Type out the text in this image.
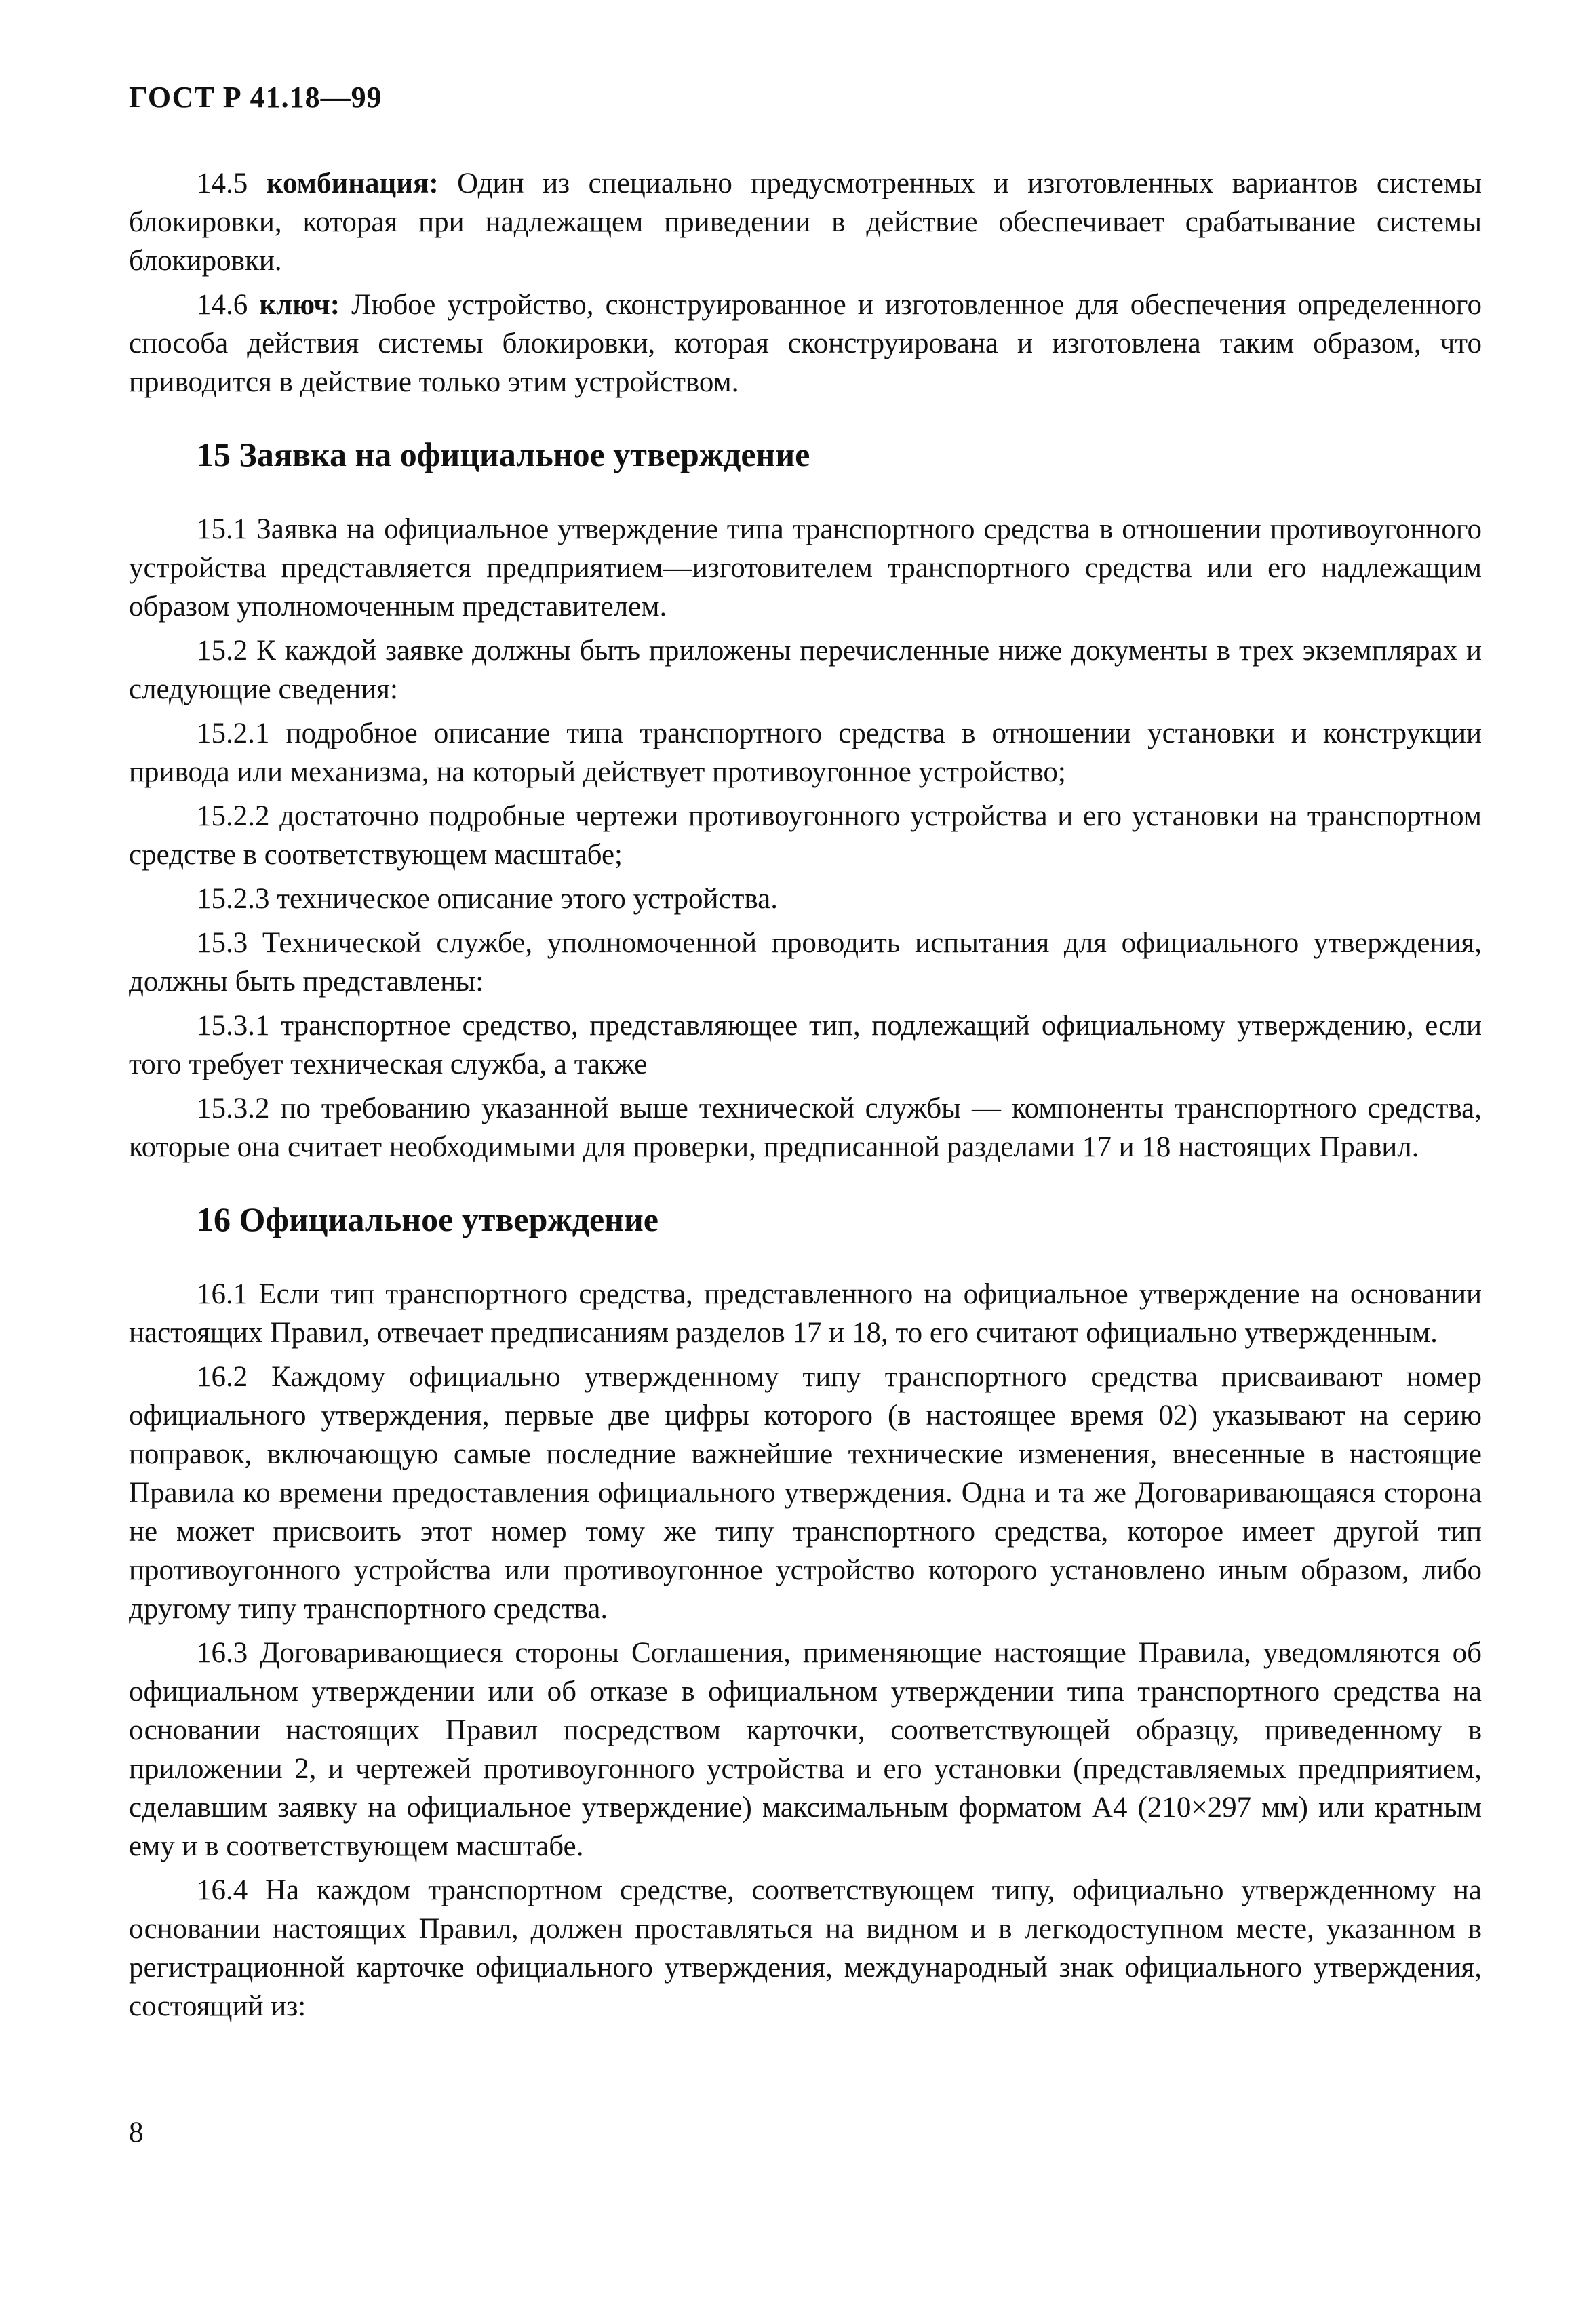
ГОСТ Р 41.18—99

14.5 комбинация: Один из специально предусмотренных и изготовленных вариантов системы блокировки, которая при надлежащем приведении в действие обеспечивает срабатывание системы блокировки.

14.6 ключ: Любое устройство, сконструированное и изготовленное для обеспечения определенного способа действия системы блокировки, которая сконструирована и изготовлена таким образом, что приводится в действие только этим устройством.

15 Заявка на официальное утверждение

15.1 Заявка на официальное утверждение типа транспортного средства в отношении противоугонного устройства представляется предприятием—изготовителем транспортного средства или его надлежащим образом уполномоченным представителем.

15.2 К каждой заявке должны быть приложены перечисленные ниже документы в трех экземплярах и следующие сведения:

15.2.1 подробное описание типа транспортного средства в отношении установки и конструкции привода или механизма, на который действует противоугонное устройство;

15.2.2 достаточно подробные чертежи противоугонного устройства и его установки на транспортном средстве в соответствующем масштабе;

15.2.3 техническое описание этого устройства.

15.3 Технической службе, уполномоченной проводить испытания для официального утверждения, должны быть представлены:

15.3.1 транспортное средство, представляющее тип, подлежащий официальному утверждению, если того требует техническая служба, а также

15.3.2 по требованию указанной выше технической службы — компоненты транспортного средства, которые она считает необходимыми для проверки, предписанной разделами 17 и 18 настоящих Правил.

16 Официальное утверждение

16.1 Если тип транспортного средства, представленного на официальное утверждение на основании настоящих Правил, отвечает предписаниям разделов 17 и 18, то его считают официально утвержденным.

16.2 Каждому официально утвержденному типу транспортного средства присваивают номер официального утверждения, первые две цифры которого (в настоящее время 02) указывают на серию поправок, включающую самые последние важнейшие технические изменения, внесенные в настоящие Правила ко времени предоставления официального утверждения. Одна и та же Договаривающаяся сторона не может присвоить этот номер тому же типу транспортного средства, которое имеет другой тип противоугонного устройства или противоугонное устройство которого установлено иным образом, либо другому типу транспортного средства.

16.3 Договаривающиеся стороны Соглашения, применяющие настоящие Правила, уведомляются об официальном утверждении или об отказе в официальном утверждении типа транспортного средства на основании настоящих Правил посредством карточки, соответствующей образцу, приведенному в приложении 2, и чертежей противоугонного устройства и его установки (представляемых предприятием, сделавшим заявку на официальное утверждение) максимальным форматом А4 (210×297 мм) или кратным ему и в соответствующем масштабе.

16.4 На каждом транспортном средстве, соответствующем типу, официально утвержденному на основании настоящих Правил, должен проставляться на видном и в легкодоступном месте, указанном в регистрационной карточке официального утверждения, международный знак официального утверждения, состоящий из:

8
